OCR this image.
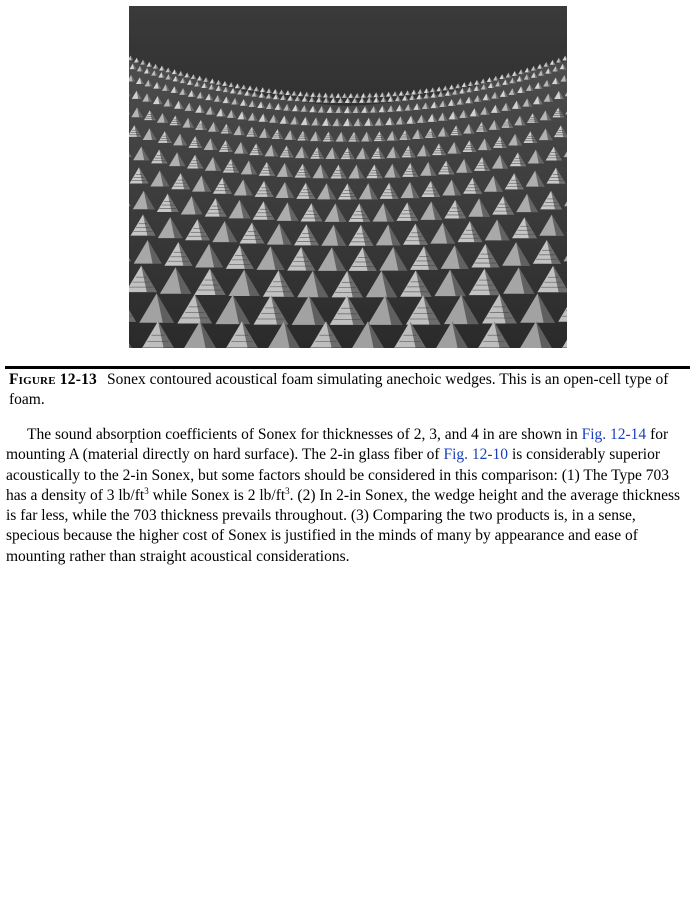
Figure 12-13 Sonex contoured acoustical foam simulating anechoic wedges. This is an open-cell type of foam.

The sound absorption coefficients of Sonex for thicknesses of 2, 3, and 4 in are shown in Fig. 12-14 for mounting A (material directly on hard surface). The 2-in glass fiber of Fig. 12-10 is considerably superior acoustically to the 2-in Sonex, but some factors should be considered in this comparison: (1) The Type 703 has a density of 3 $lb/ft^3$ while Sonex is 2 $lb/ft^3$. (2) In 2-in Sonex, the wedge height and the average thickness is far less, while the 703 thickness prevails throughout. (3) Comparing the two products is, in a sense, specious because the higher cost of Sonex is justified in the minds of many by appearance and ease of mounting rather than straight acoustical considerations.
